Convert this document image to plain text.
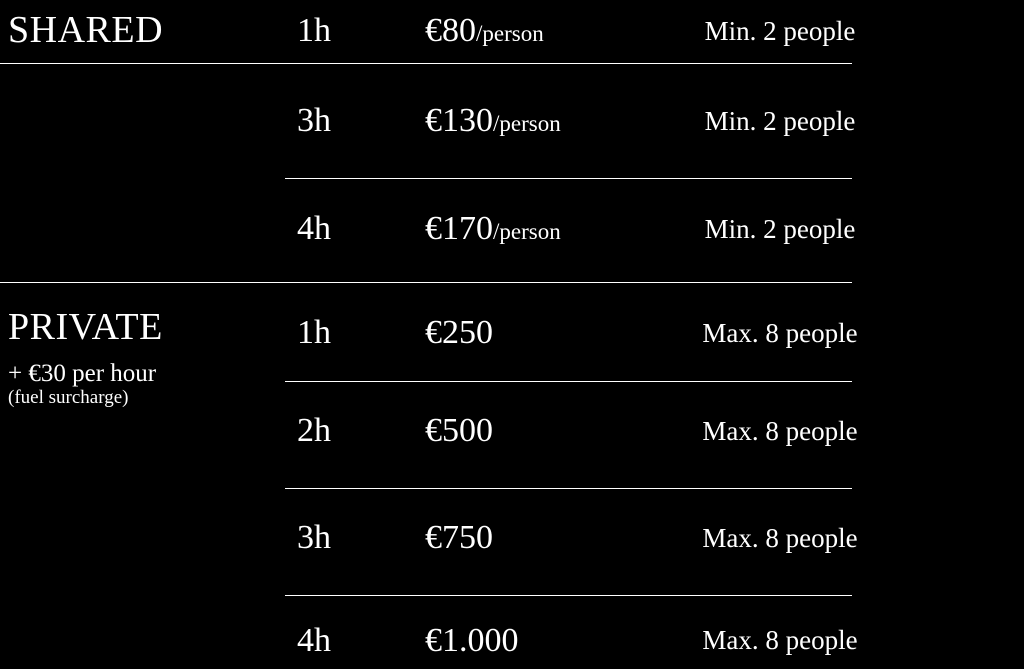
SHARED	1h	€80/person	Min. 2 people
3h	€130/person	Min. 2 people
4h	€170/person	Min. 2 people
PRIVATE
+ €30 per hour
(fuel surcharge)
1h	€250	Max. 8 people
2h	€500	Max. 8 people
3h	€750	Max. 8 people
4h	€1.000	Max. 8 people
